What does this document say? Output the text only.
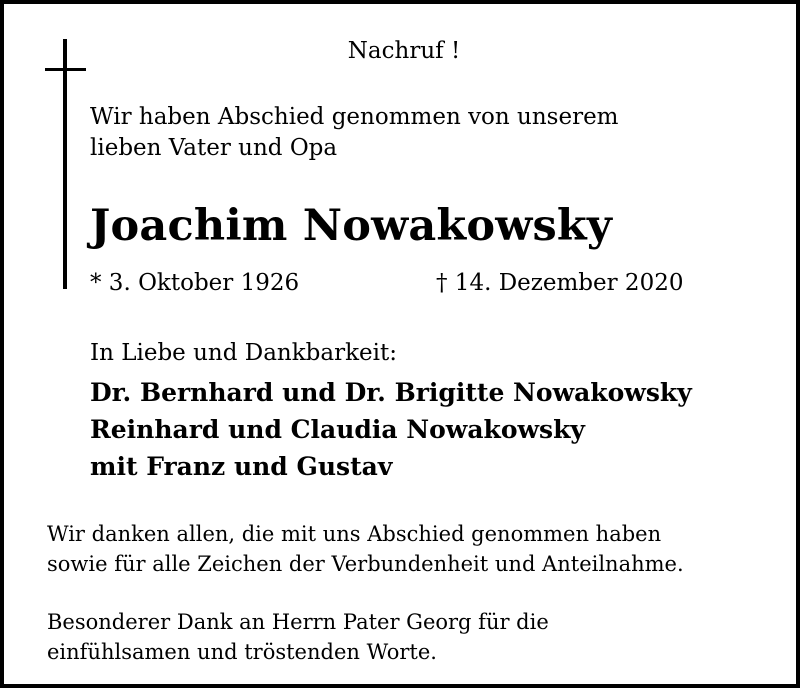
Nachruf !
Wir haben Abschied genommen von unserem
lieben Vater und Opa
Joachim Nowakowsky
* 3. Oktober 1926	† 14. Dezember 2020
In Liebe und Dankbarkeit:
Dr. Bernhard und Dr. Brigitte Nowakowsky
Reinhard und Claudia Nowakowsky
mit Franz und Gustav
Wir danken allen, die mit uns Abschied genommen haben
sowie für alle Zeichen der Verbundenheit und Anteilnahme.
Besonderer Dank an Herrn Pater Georg für die
einfühlsamen und tröstenden Worte.
